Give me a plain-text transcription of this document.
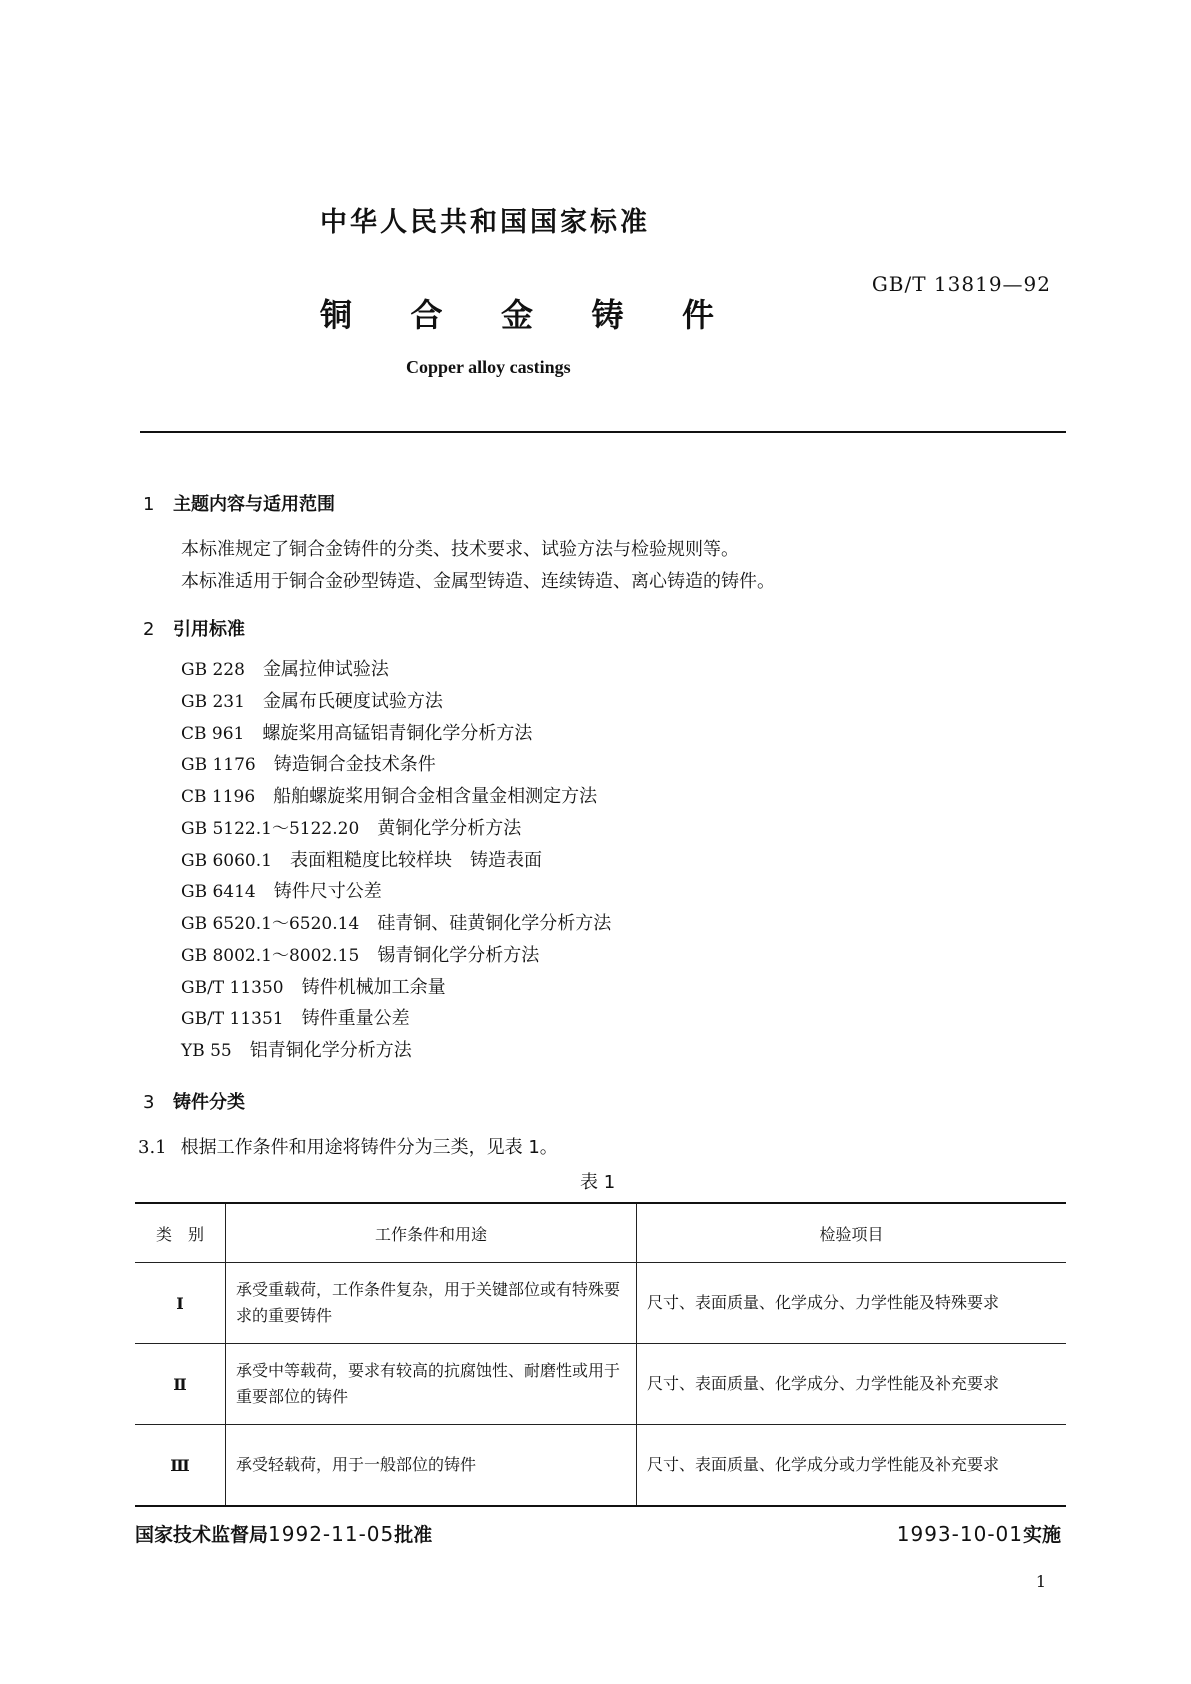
中华人民共和国国家标准
GB/T 13819—92
铜 合 金 铸 件
Copper alloy castings
1 主题内容与适用范围
本标准规定了铜合金铸件的分类、技术要求、试验方法与检验规则等。
本标准适用于铜合金砂型铸造、金属型铸造、连续铸造、离心铸造的铸件。
2 引用标准
GB 228 金属拉伸试验法
GB 231 金属布氏硬度试验方法
CB 961 螺旋桨用高锰铝青铜化学分析方法
GB 1176 铸造铜合金技术条件
CB 1196 船舶螺旋桨用铜合金相含量金相测定方法
GB 5122.1～5122.20 黄铜化学分析方法
GB 6060.1 表面粗糙度比较样块　铸造表面
GB 6414 铸件尺寸公差
GB 6520.1～6520.14 硅青铜、硅黄铜化学分析方法
GB 8002.1～8002.15 锡青铜化学分析方法
GB/T 11350 铸件机械加工余量
GB/T 11351 铸件重量公差
YB 55 铝青铜化学分析方法
3 铸件分类
3.1 根据工作条件和用途将铸件分为三类，见表 1。
表 1
类　别	工作条件和用途	检验项目
Ⅰ	承受重载荷，工作条件复杂，用于关键部位或有特殊要求的重要铸件	尺寸、表面质量、化学成分、力学性能及特殊要求
Ⅱ	承受中等载荷，要求有较高的抗腐蚀性、耐磨性或用于重要部位的铸件	尺寸、表面质量、化学成分、力学性能及补充要求
Ⅲ	承受轻载荷，用于一般部位的铸件	尺寸、表面质量、化学成分或力学性能及补充要求
国家技术监督局1992-11-05批准	1993-10-01实施
1
